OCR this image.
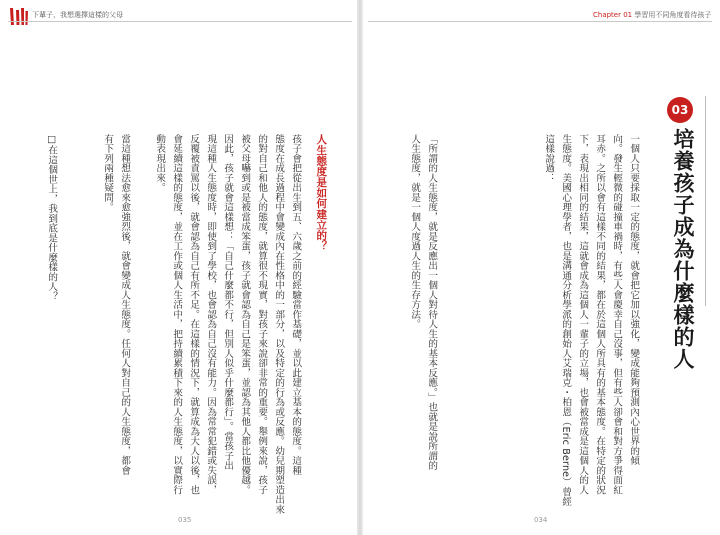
下輩子，我想選擇這樣的父母	Chapter 01 學習用不同角度看待孩子
03
培養孩子成為什麼樣的人
一個人只要採取一定的態度，就會把它加以強化，變成能夠預測內心世界的傾
向。發生輕微的碰撞車禍時，有些人會慶幸自己沒事，但有些人卻會和對方爭得面紅
耳赤。之所以會有這樣不同的結果，都在於這個人所具有的基本態度。在特定的狀況
下，表現出相同的結果，這就會成為這個人一輩子的立場，也會被當成是這個人的人
生態度。美國心理學者，也是溝通分析學派的創始人艾瑞克・柏恩（Eric Berne）曾經
這樣說過：
「所謂的人生態度，就是反應出一個人對待人生的基本反應。」也就是說所謂的
人生態度，就是一個人度過人生的生存方法。
人生態度是如何建立的？
孩子會把從出生到五、六歲之前的經驗當作基礎，並以此建立基本的態度。這種
態度在成長過程中會變成內在性格中的一部分，以及特定的行為或反應。幼兒期塑造出來
的對自己和他人的態度，就算很不現實，對孩子來說卻非常的重要。舉例來說，孩子
被父母嚇到或是被當成笨蛋，孩子就會認為自己是笨蛋，並認為其他人都比他優越。
因此，孩子就會這樣想：「自己什麼都不行，但別人似乎什麼都行」。當孩子出
現這種人生態度時，即使到了學校，也會認為自己沒有能力。因為常常犯錯或失誤，
反覆被責罵以後，就會認為自己有所不足。在這樣的情況下，就算成為大人以後，也
會延續這樣的態度，並在工作或個人生活中，把持續累積下來的人生態度，以實際行
動表現出來。
當這種想法愈來愈強烈後，就會變成人生態度。任何人對自己的人生態度，都會
有下列兩種疑問。
□在這個世上，我到底是什麼樣的人？
035	034
